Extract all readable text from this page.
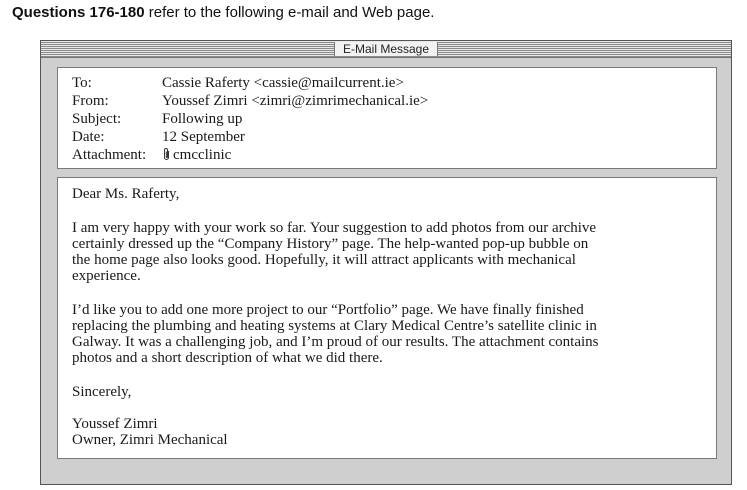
Questions 176-180 refer to the following e-mail and Web page.
E-Mail Message
To:	Cassie Raferty <cassie@mailcurrent.ie>
From:	Youssef Zimri <zimri@zimrimechanical.ie>
Subject:	Following up
Date:	12 September
Attachment: cmcclinic
Dear Ms. Raferty,
I am very happy with your work so far. Your suggestion to add photos from our archive
certainly dressed up the “Company History” page. The help-wanted pop-up bubble on
the home page also looks good. Hopefully, it will attract applicants with mechanical
experience.
I’d like you to add one more project to our “Portfolio” page. We have finally finished
replacing the plumbing and heating systems at Clary Medical Centre’s satellite clinic in
Galway. It was a challenging job, and I’m proud of our results. The attachment contains
photos and a short description of what we did there.
Sincerely,
Youssef Zimri
Owner, Zimri Mechanical
